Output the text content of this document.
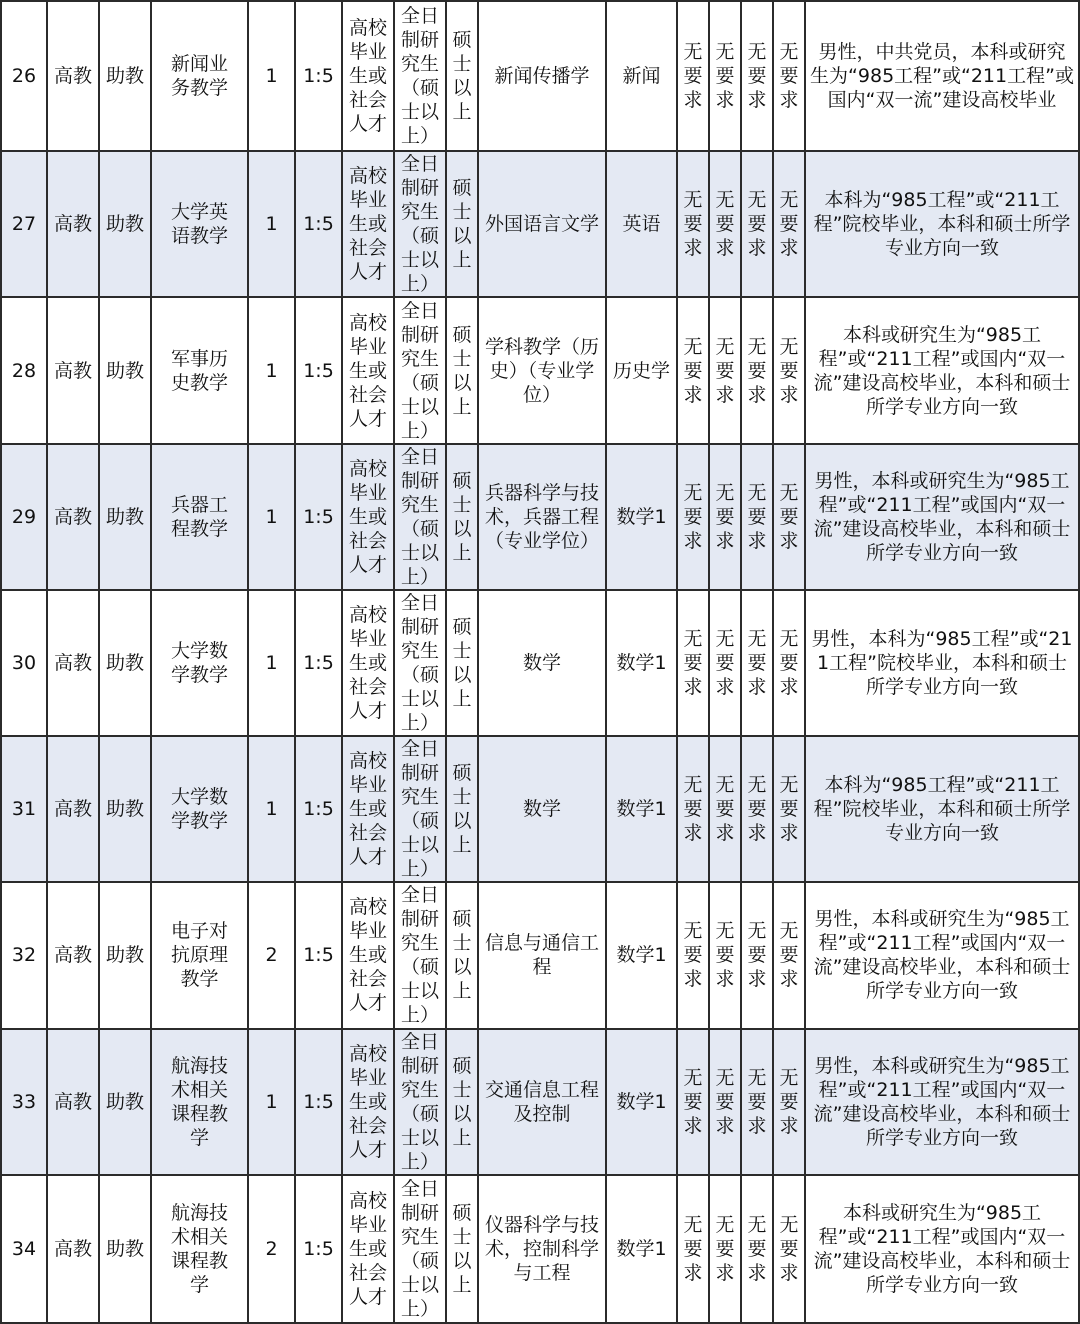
26	高教	助教	新闻业务教学	1	1:5	高校毕业生或社会人才	全日制研究生（硕士以上）	硕士以上	新闻传播学	新闻	无要求	无要求	无要求	无要求	男性，中共党员，本科或研究生为“985工程”或“211工程”或国内“双一流”建设高校毕业
27	高教	助教	大学英语教学	1	1:5	高校毕业生或社会人才	全日制研究生（硕士以上）	硕士以上	外国语言文学	英语	无要求	无要求	无要求	无要求	本科为“985工程”或“211工程”院校毕业，本科和硕士所学专业方向一致
28	高教	助教	军事历史教学	1	1:5	高校毕业生或社会人才	全日制研究生（硕士以上）	硕士以上	学科教学（历史）（专业学位）	历史学	无要求	无要求	无要求	无要求	本科或研究生为“985工程”或“211工程”或国内“双一流”建设高校毕业，本科和硕士所学专业方向一致
29	高教	助教	兵器工程教学	1	1:5	高校毕业生或社会人才	全日制研究生（硕士以上）	硕士以上	兵器科学与技术，兵器工程（专业学位）	数学1	无要求	无要求	无要求	无要求	男性，本科或研究生为“985工程”或“211工程”或国内“双一流”建设高校毕业，本科和硕士所学专业方向一致
30	高教	助教	大学数学教学	1	1:5	高校毕业生或社会人才	全日制研究生（硕士以上）	硕士以上	数学	数学1	无要求	无要求	无要求	无要求	男性，本科为“985工程”或“211工程”院校毕业，本科和硕士所学专业方向一致
31	高教	助教	大学数学教学	1	1:5	高校毕业生或社会人才	全日制研究生（硕士以上）	硕士以上	数学	数学1	无要求	无要求	无要求	无要求	本科为“985工程”或“211工程”院校毕业，本科和硕士所学专业方向一致
32	高教	助教	电子对抗原理教学	2	1:5	高校毕业生或社会人才	全日制研究生（硕士以上）	硕士以上	信息与通信工程	数学1	无要求	无要求	无要求	无要求	男性，本科或研究生为“985工程”或“211工程”或国内“双一流”建设高校毕业，本科和硕士所学专业方向一致
33	高教	助教	航海技术相关课程教学	1	1:5	高校毕业生或社会人才	全日制研究生（硕士以上）	硕士以上	交通信息工程及控制	数学1	无要求	无要求	无要求	无要求	男性，本科或研究生为“985工程”或“211工程”或国内“双一流”建设高校毕业，本科和硕士所学专业方向一致
34	高教	助教	航海技术相关课程教学	2	1:5	高校毕业生或社会人才	全日制研究生（硕士以上）	硕士以上	仪器科学与技术，控制科学与工程	数学1	无要求	无要求	无要求	无要求	本科或研究生为“985工程”或“211工程”或国内“双一流”建设高校毕业，本科和硕士所学专业方向一致
